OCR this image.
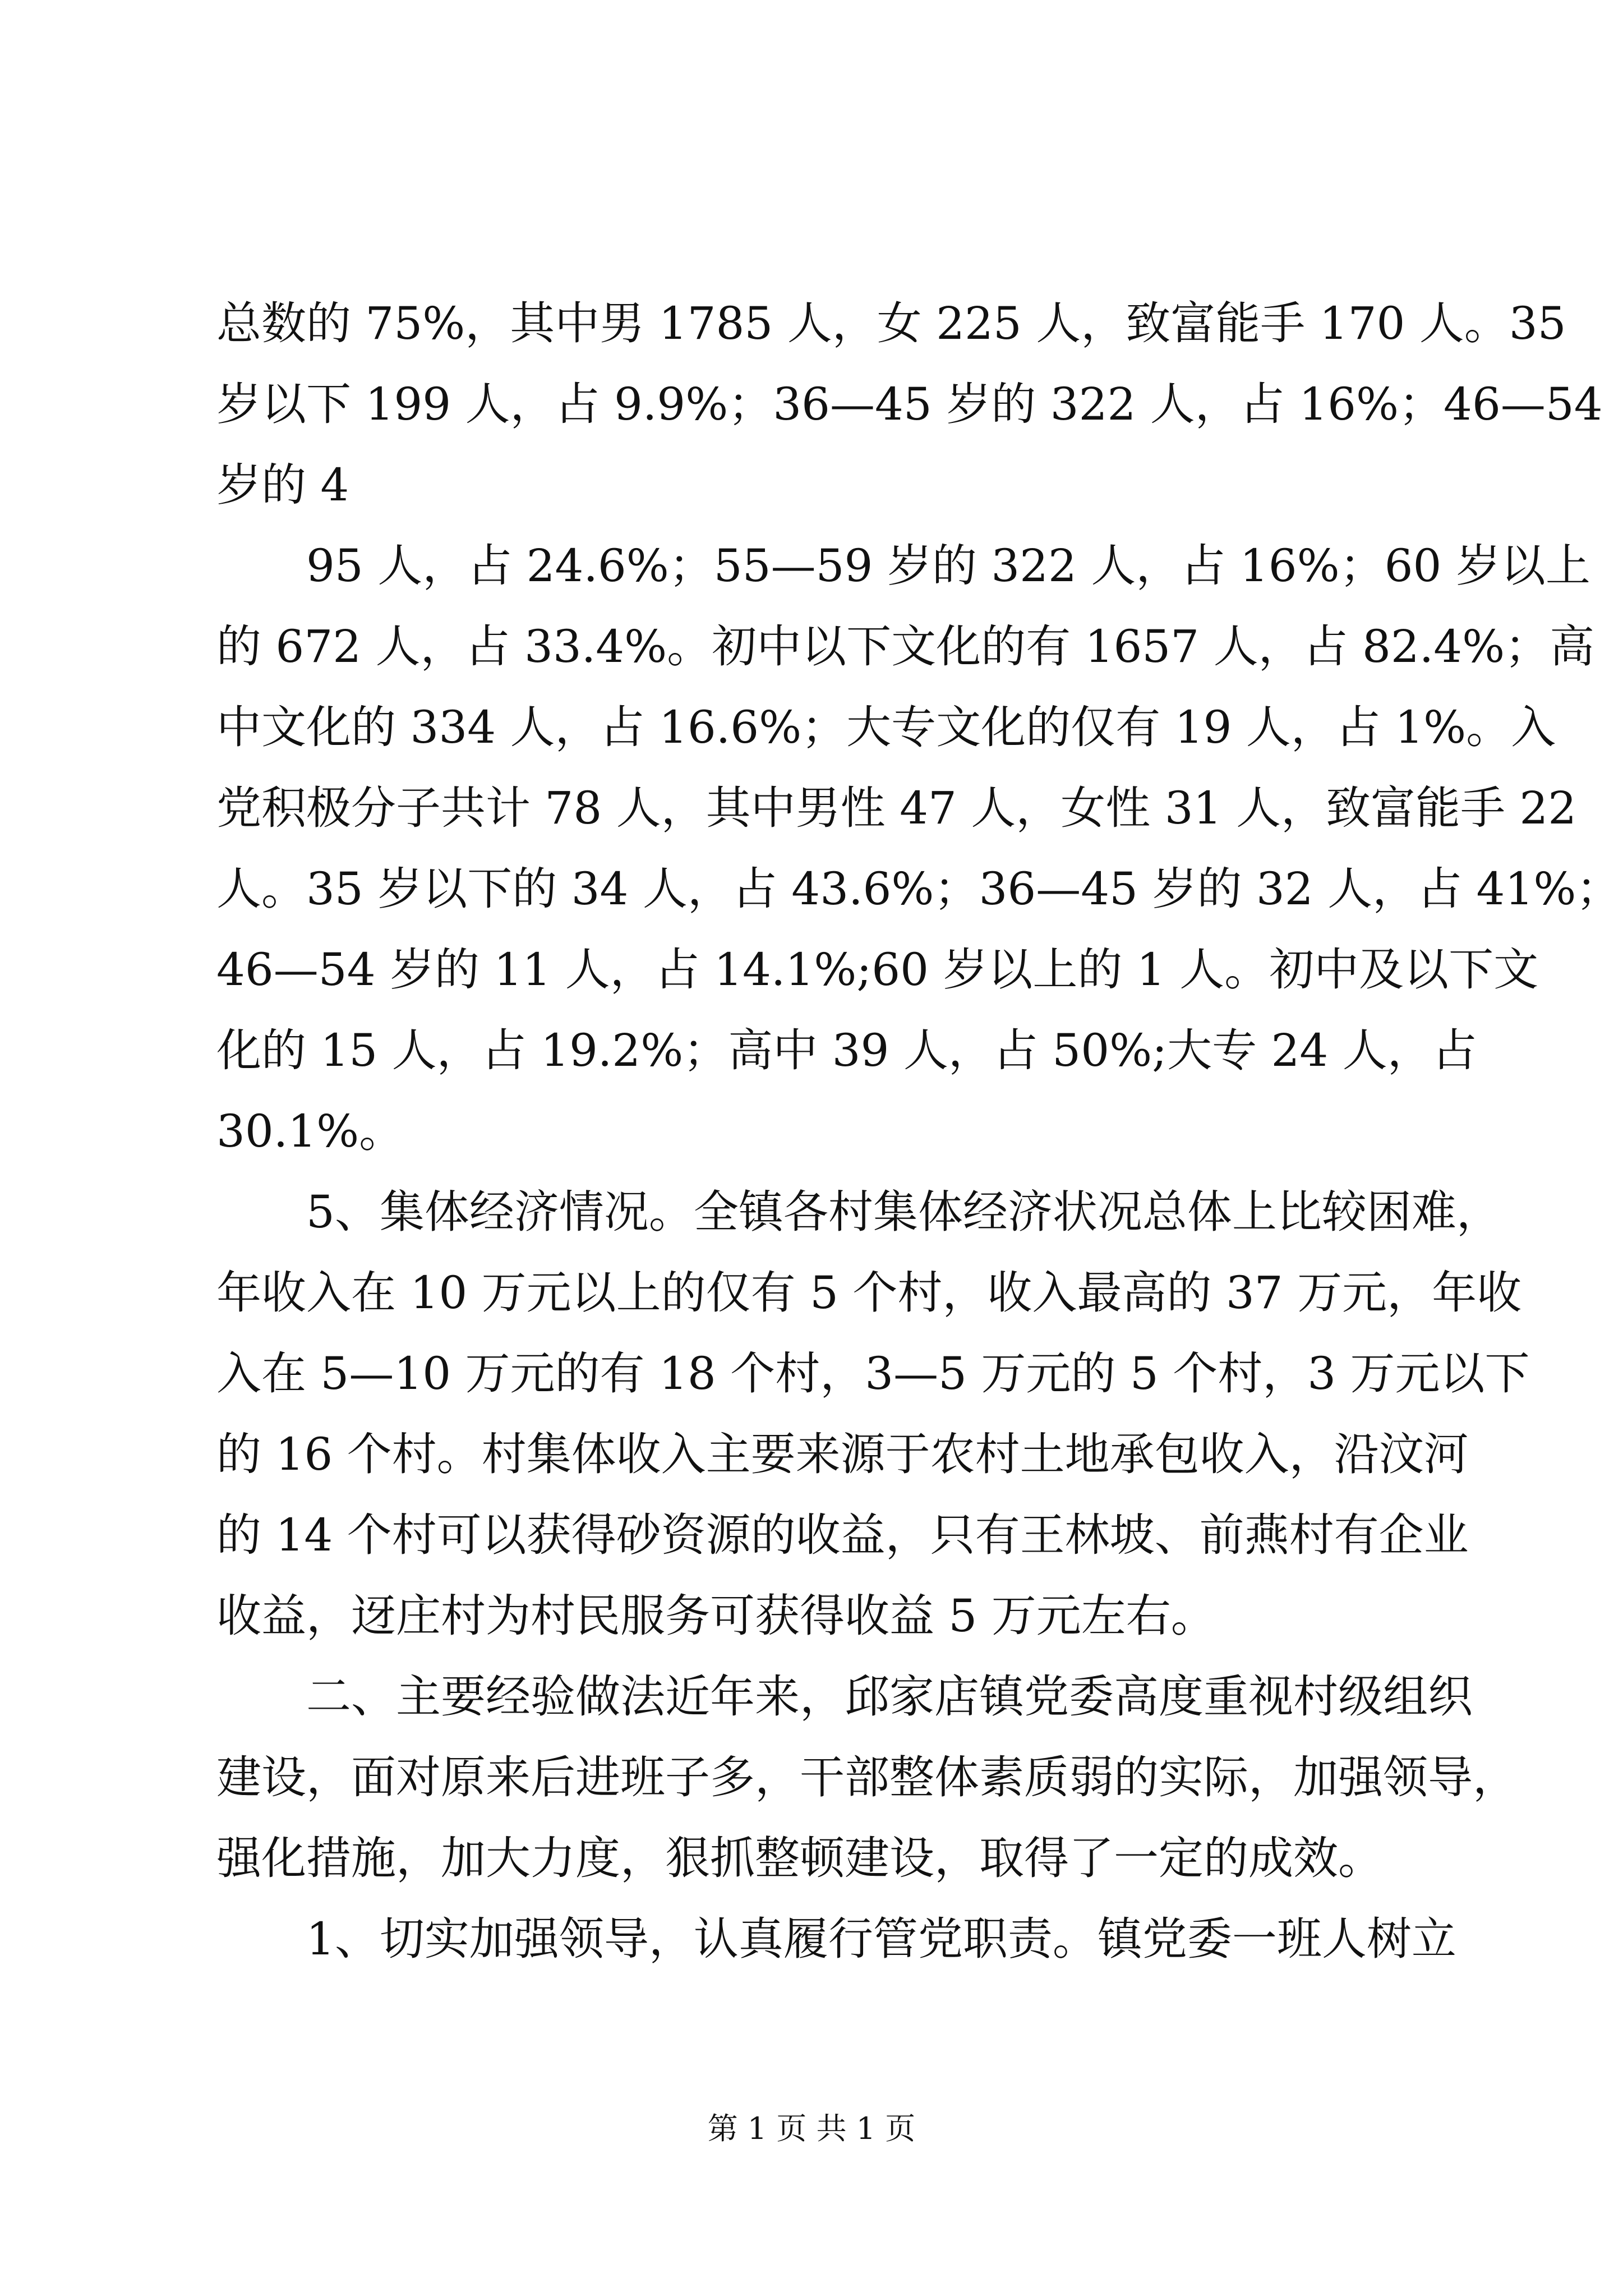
总数的 75%，其中男 1785 人，女 225 人，致富能手 170 人。35
岁以下 199 人，占 9.9%；36—45 岁的 322 人，占 16%；46—54
岁的 4

　　95 人，占 24.6%；55—59 岁的 322 人，占 16%；60 岁以上
的 672 人，占 33.4%。初中以下文化的有 1657 人，占 82.4%；高
中文化的 334 人，占 16.6%；大专文化的仅有 19 人，占 1%。入
党积极分子共计 78 人，其中男性 47 人，女性 31 人，致富能手 22
人。35 岁以下的 34 人，占 43.6%；36—45 岁的 32 人，占 41%；
46—54 岁的 11 人，占 14.1%;60 岁以上的 1 人。初中及以下文
化的 15 人，占 19.2%；高中 39 人，占 50%;大专 24 人，占
30.1%。

　　5、集体经济情况。全镇各村集体经济状况总体上比较困难，
年收入在 10 万元以上的仅有 5 个村，收入最高的 37 万元，年收
入在 5—10 万元的有 18 个村，3—5 万元的 5 个村，3 万元以下
的 16 个村。村集体收入主要来源于农村土地承包收入，沿汶河
的 14 个村可以获得砂资源的收益，只有王林坡、前燕村有企业
收益，迓庄村为村民服务可获得收益 5 万元左右。

　　二、主要经验做法近年来，邱家店镇党委高度重视村级组织
建设，面对原来后进班子多，干部整体素质弱的实际，加强领导，
强化措施，加大力度，狠抓整顿建设，取得了一定的成效。

　　1、切实加强领导，认真履行管党职责。镇党委一班人树立

第 1 页 共 1 页
